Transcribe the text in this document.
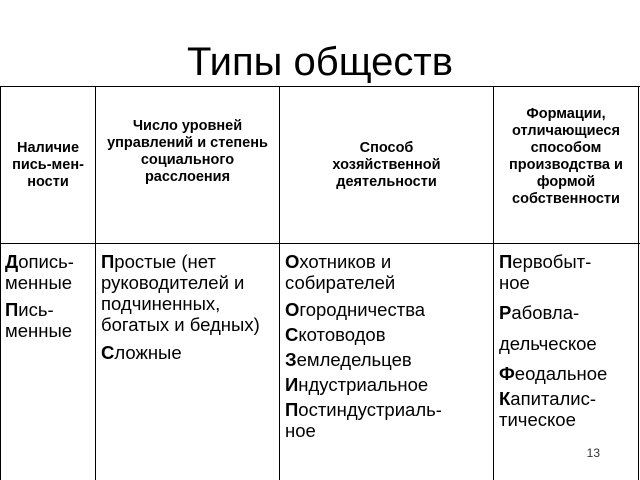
Типы обществ
Наличие пись-мен-ности
Число уровней управлений и степень социального расслоения
Способ хозяйственной деятельности
Формации, отличающиеся способом производства и формой собственности
Допись-менные
Пись-менные
Простые (нет руководителей и подчиненных, богатых и бедных)
Сложные
Охотников и собирателей
Огородничества
Скотоводов
Земледельцев
Индустриальное
Постиндустриаль-ное
Первобыт-ное
Рабовла-дельческое
Феодальное
Капиталис-тическое
13
